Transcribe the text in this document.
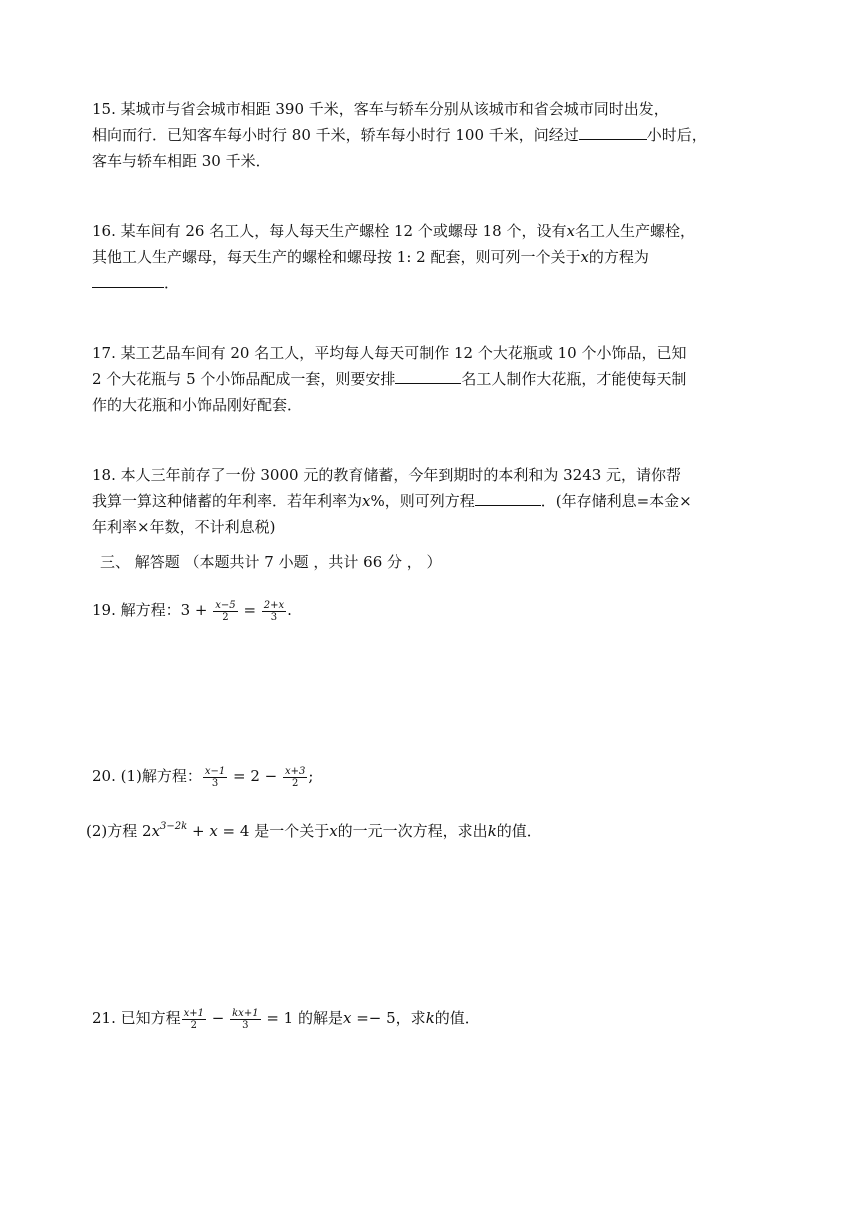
15. 某城市与省会城市相距 390 千米，客车与轿车分别从该城市和省会城市同时出发，
相向而行．已知客车每小时行 80 千米，轿车每小时行 100 千米，问经过	小时后，
客车与轿车相距 30 千米．
16. 某车间有 26 名工人，每人每天生产螺栓 12 个或螺母 18 个，设有x名工人生产螺栓，
其他工人生产螺母，每天生产的螺栓和螺母按 1: 2 配套，则可列一个关于x的方程为
．
17. 某工艺品车间有 20 名工人，平均每人每天可制作 12 个大花瓶或 10 个小饰品，已知
2 个大花瓶与 5 个小饰品配成一套，则要安排	名工人制作大花瓶，才能使每天制
作的大花瓶和小饰品刚好配套．
18. 本人三年前存了一份 3000 元的教育储蓄，今年到期时的本利和为 3243 元，请你帮
我算一算这种储蓄的年利率．若年利率为x%，则可列方程	．(年存储利息=本金×
年利率×年数，不计利息税)
三、 解答题 （本题共计 7 小题 ，共计 66 分 ， ）
19. 解方程：$3 + \frac{x-5}{2} = \frac{2+x}{3}$ .
20. (1)解方程： $\frac{x-1}{3} = 2 - \frac{x+3}{2}$ ;
(2)方程 $2x^{3-2k} + x = 4$ 是一个关于x的一元一次方程，求出k的值．
21. 已知方程 $\frac{x+1}{2} - \frac{kx+1}{3} = 1$ 的解是x =− 5，求k的值．
